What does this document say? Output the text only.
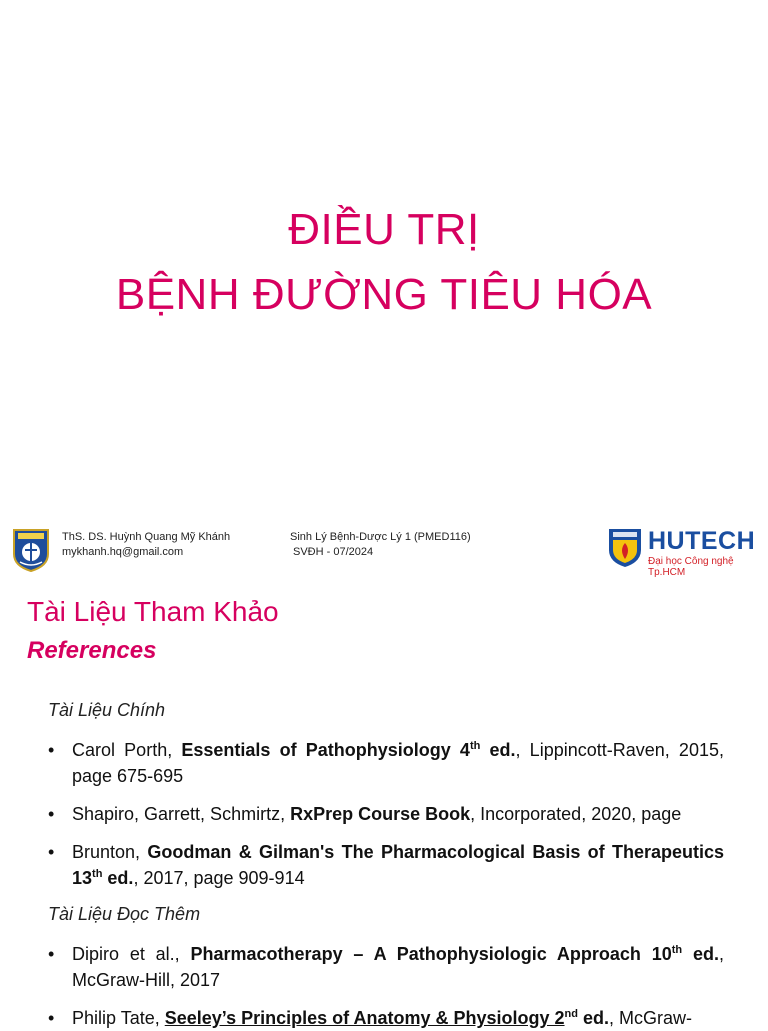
ĐIỀU TRỊ
BỆNH ĐƯỜNG TIÊU HÓA
ThS. DS. Huỳnh Quang Mỹ Khánh
mykhanh.hq@gmail.com
Sinh Lý Bệnh-Dược Lý 1 (PMED116)
SVĐH - 07/2024	HUTECH
Đại học Công nghệ Tp.HCM
Tài Liệu Tham Khảo
References
Tài Liệu Chính
• Carol Porth, Essentials of Pathophysiology 4th ed., Lippincott-Raven, 2015, page 675-695
• Shapiro, Garrett, Schmirtz, RxPrep Course Book, Incorporated, 2020, page
• Brunton, Goodman & Gilman's The Pharmacological Basis of Therapeutics 13th ed., 2017, page 909-914
Tài Liệu Đọc Thêm
• Dipiro et al., Pharmacotherapy – A Pathophysiologic Approach 10th ed., McGraw-Hill, 2017
• Philip Tate, Seeley’s Principles of Anatomy & Physiology 2nd ed., McGraw-
